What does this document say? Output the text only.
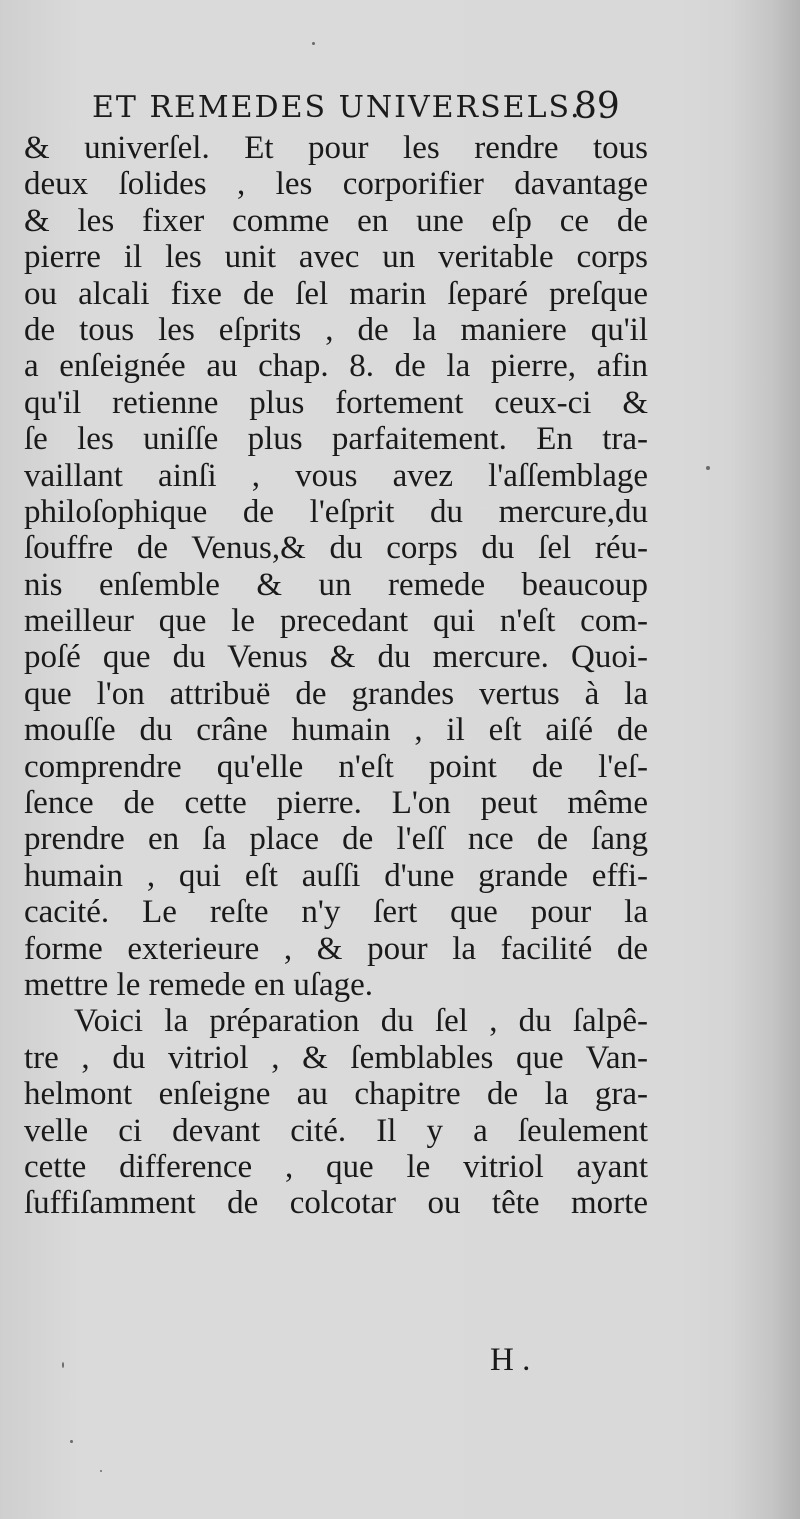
ET REMEDES UNIVERSELS.
89
& univerſel. Et pour les rendre tous
deux ſolides , les corporifier davantage
& les fixer comme en une eſp ce de
pierre il les unit avec un veritable corps
ou alcali fixe de ſel marin ſeparé preſque
de tous les eſprits , de la maniere qu'il
a enſeignée au chap. 8. de la pierre, afin
qu'il retienne plus fortement ceux-ci &
ſe les uniſſe plus parfaitement. En tra-
vaillant ainſi , vous avez l'aſſemblage
philoſophique de l'eſprit du mercure,du
ſouffre de Venus,& du corps du ſel réu-
nis enſemble & un remede beaucoup
meilleur que le precedant qui n'eſt com-
poſé que du Venus & du mercure. Quoi-
que l'on attribuë de grandes vertus à la
mouſſe du crâne humain , il eſt aiſé de
comprendre qu'elle n'eſt point de l'eſ-
ſence de cette pierre. L'on peut même
prendre en ſa place de l'eſſ nce de ſang
humain , qui eſt auſſi d'une grande effi-
cacité. Le reſte n'y ſert que pour la
forme exterieure , & pour la facilité de
mettre le remede en uſage.
Voici la préparation du ſel , du ſalpê-
tre , du vitriol , & ſemblables que Van-
helmont enſeigne au chapitre de la gra-
velle ci devant cité. Il y a ſeulement
cette difference , que le vitriol ayant
ſuffiſamment de colcotar ou tête morte
H .
